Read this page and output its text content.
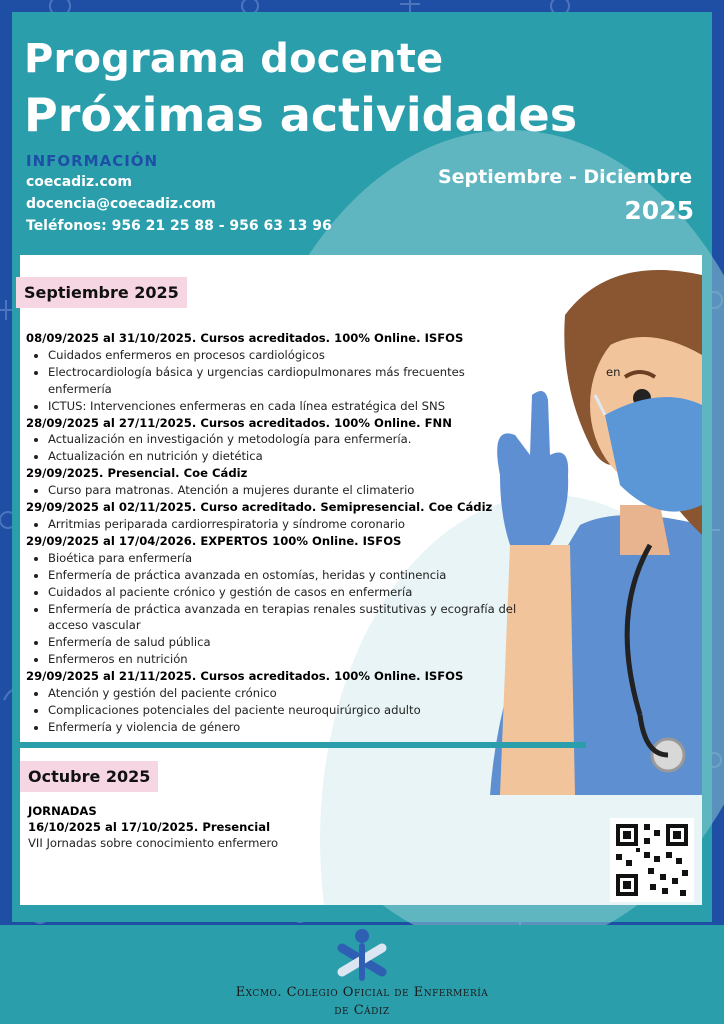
Programa docente
Próximas actividades
INFORMACIÓN
coecadiz.com
docencia@coecadiz.com
Teléfonos: 956 21 25 88 - 956 63 13 96
Septiembre - Diciembre
2025
Septiembre 2025
08/09/2025 al 31/10/2025. Cursos acreditados. 100% Online. ISFOS
• Cuidados enfermeros en procesos cardiológicos
• Electrocardiología básica y urgencias cardiopulmonares más frecuentes enfermería
• ICTUS: Intervenciones enfermeras en cada línea estratégica del SNS
28/09/2025 al 27/11/2025. Cursos acreditados. 100% Online. FNN
• Actualización en investigación y metodología para enfermería.
• Actualización en nutrición y dietética
29/09/2025. Presencial. Coe Cádiz
• Curso para matronas. Atención a mujeres durante el climaterio
29/09/2025 al 02/11/2025. Curso acreditado. Semipresencial. Coe Cádiz
• Arritmias periparada cardiorrespiratoria y síndrome coronario
29/09/2025 al 17/04/2026. EXPERTOS 100% Online. ISFOS
• Bioética para enfermería
• Enfermería de práctica avanzada en ostomías, heridas y continencia
• Cuidados al paciente crónico y gestión de casos en enfermería
• Enfermería de práctica avanzada en terapias renales sustitutivas y ecografía del acceso vascular
• Enfermería de salud pública
• Enfermeros en nutrición
29/09/2025 al 21/11/2025. Cursos acreditados. 100% Online. ISFOS
• Atención y gestión del paciente crónico
• Complicaciones potenciales del paciente neuroquirúrgico adulto
• Enfermería y violencia de género
en
Octubre 2025
JORNADAS
16/10/2025 al 17/10/2025. Presencial
VII Jornadas sobre conocimiento enfermero
Excmo. Colegio Oficial de Enfermería
de Cádiz
